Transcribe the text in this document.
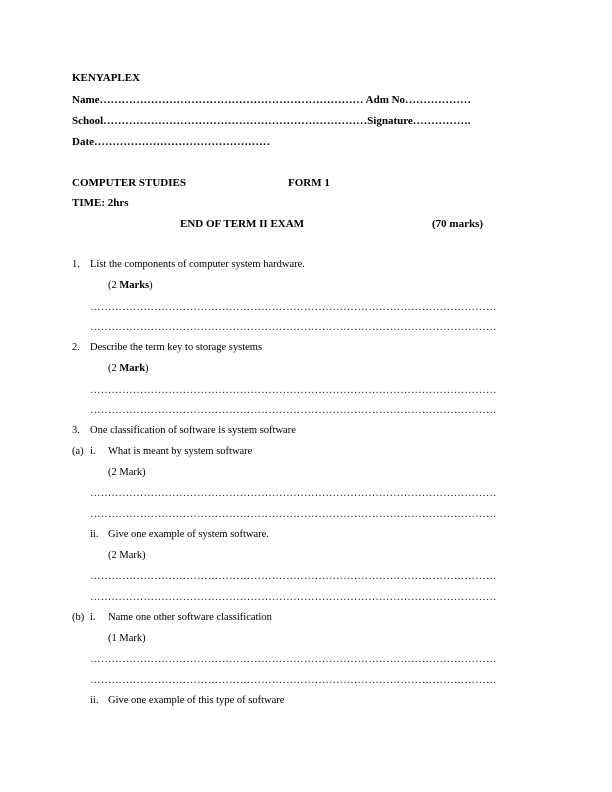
KENYAPLEX
Name……………………………………………………………… Adm No………………
School………………………………………………………………Signature…………….
Date…………………………………………
COMPUTER STUDIES	FORM 1
TIME: 2hrs
END OF TERM II EXAM	(70 marks)
1. List the components of computer system hardware.
(2 Marks)
……………………………………………………………………………………………………
……………………………………………………………………………………………………
2. Describe the term key to storage systems
(2 Mark)
……………………………………………………………………………………………………
……………………………………………………………………………………………………
3. One classification of software is system software
(a) i. What is meant by system software
(2 Mark)
……………………………………………………………………………………………………
……………………………………………………………………………………………………
ii. Give one example of system software.
(2 Mark)
……………………………………………………………………………………………………
……………………………………………………………………………………………………
(b) i. Name one other software classification
(1 Mark)
……………………………………………………………………………………………………
……………………………………………………………………………………………………
ii. Give one example of this type of software
